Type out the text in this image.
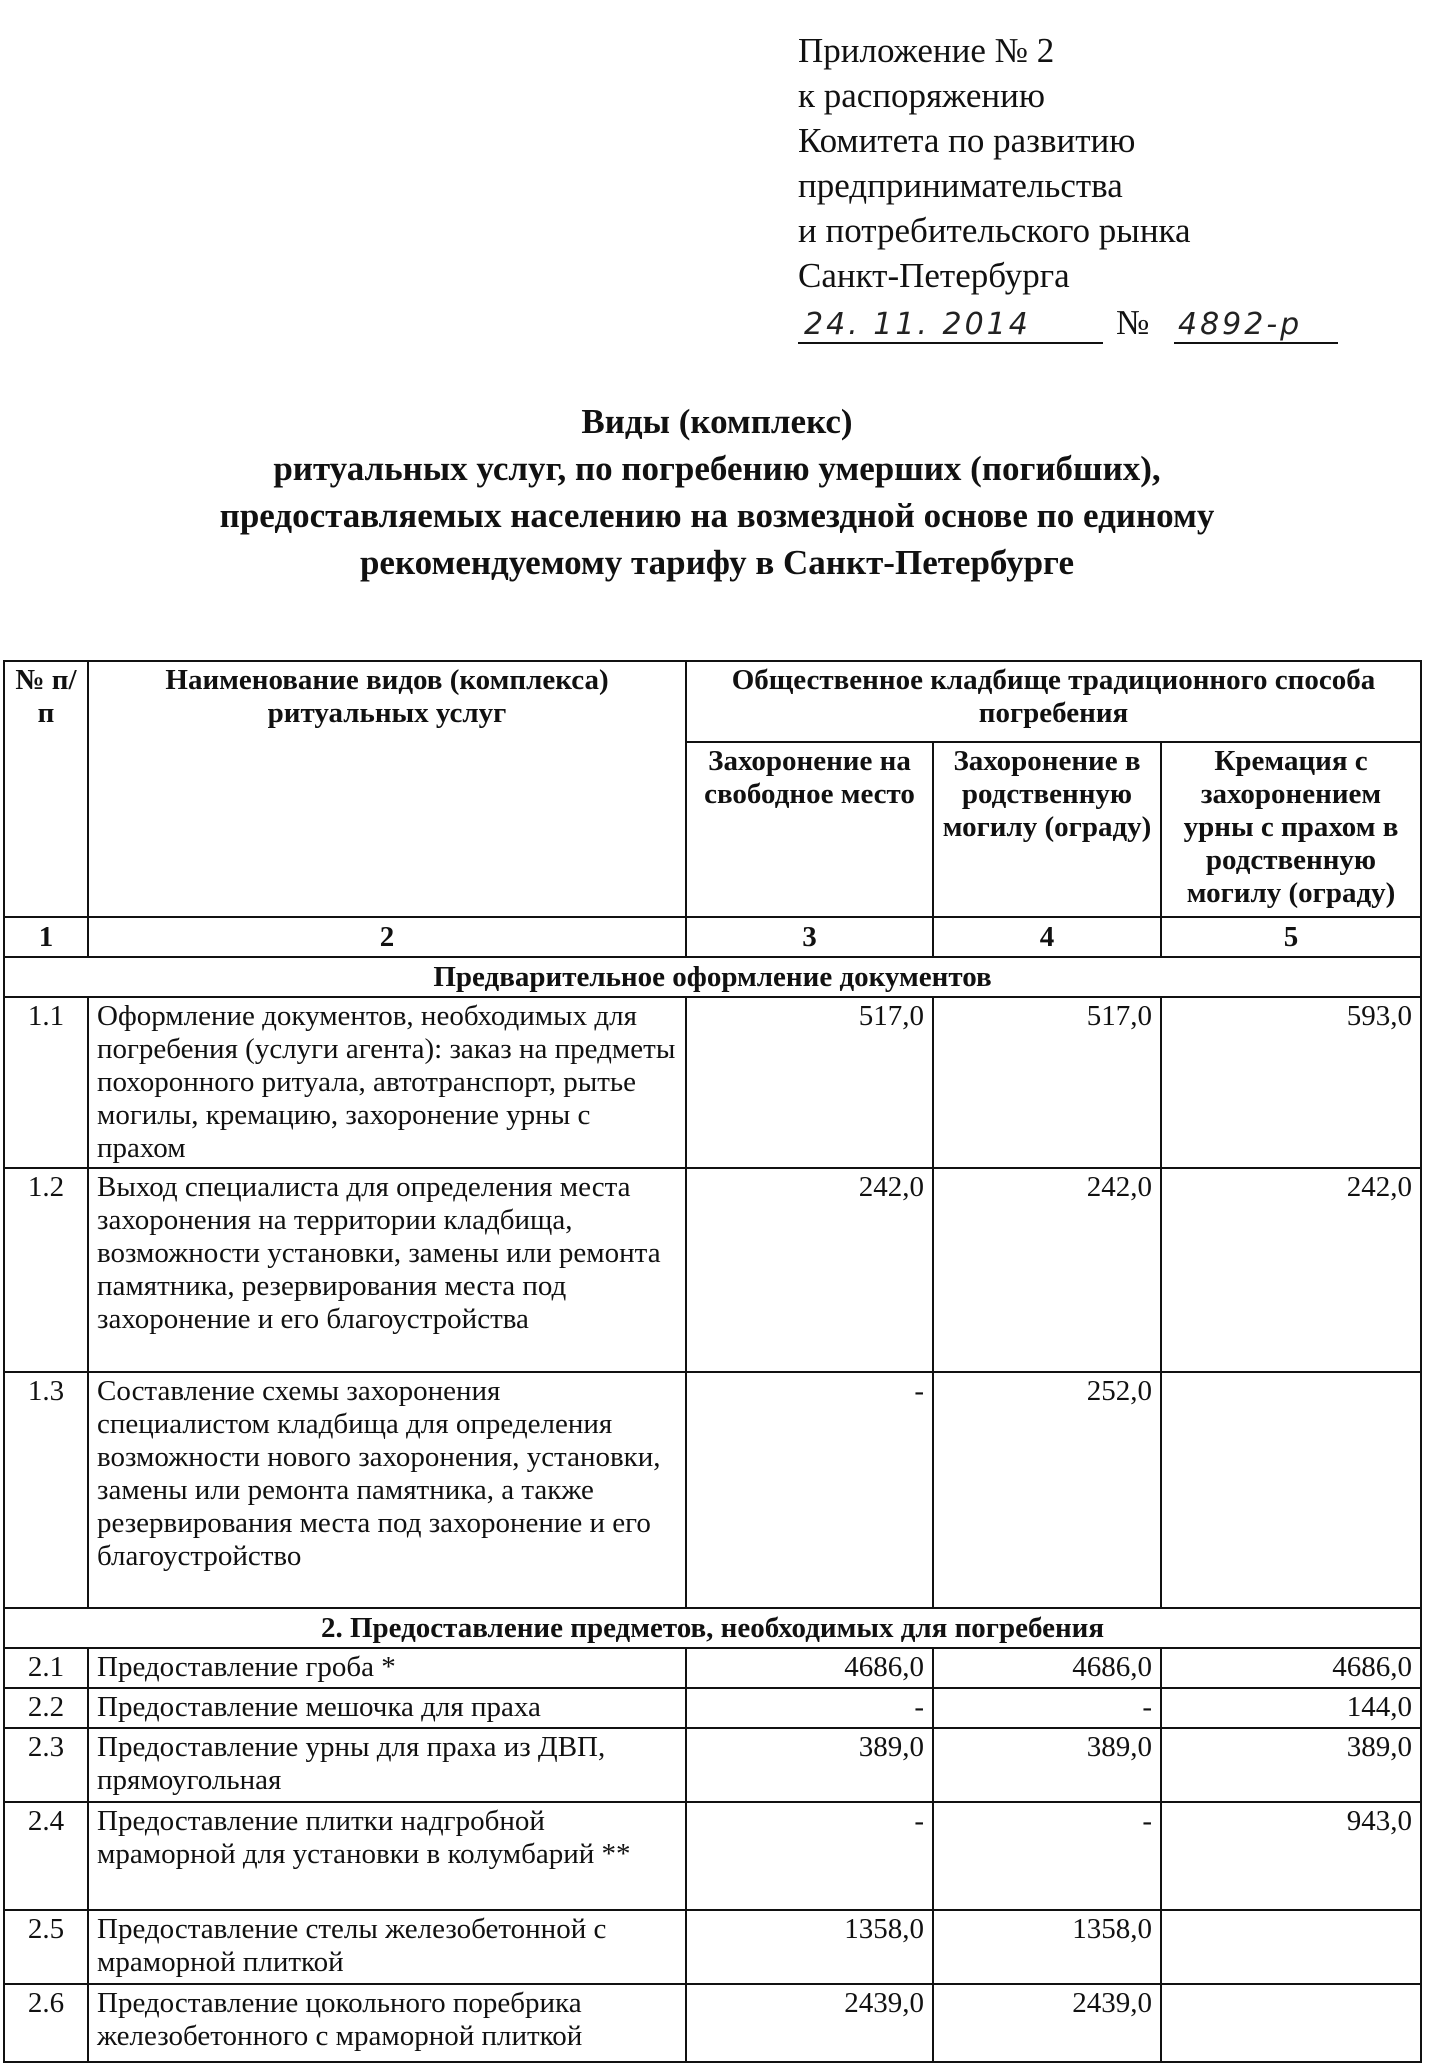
Приложение № 2
к распоряжению
Комитета по развитию
предпринимательства
и потребительского рынка
Санкт-Петербурга
24. 11. 2014 № 4892-р
Виды (комплекс)
ритуальных услуг, по погребению умерших (погибших),
предоставляемых населению на возмездной основе по единому
рекомендуемому тарифу в Санкт-Петербурге
№ п/п	Наименование видов (комплекса) ритуальных услуг	Общественное кладбище традиционного способа погребения		
		Захоронение на свободное место	Захоронение в родственную могилу (ограду)	Кремация с захоронением урны с прахом в родственную могилу (ограду)
1	2	3	4	5
Предварительное оформление документов				
1.1	Оформление документов, необходимых для погребения (услуги агента): заказ на предметы похоронного ритуала, автотранспорт, рытье могилы, кремацию, захоронение урны с прахом	517,0	517,0	593,0
1.2	Выход специалиста для определения места захоронения на территории кладбища, возможности установки, замены или ремонта памятника, резервирования места под захоронение и его благоустройства	242,0	242,0	242,0
1.3	Составление схемы захоронения специалистом кладбища для определения возможности нового захоронения, установки, замены или ремонта памятника, а также резервирования места под захоронение и его благоустройство	-	252,0	
2. Предоставление предметов, необходимых для погребения				
2.1	Предоставление гроба *	4686,0	4686,0	4686,0
2.2	Предоставление мешочка для праха	-	-	144,0
2.3	Предоставление урны для праха из ДВП, прямоугольная	389,0	389,0	389,0
2.4	Предоставление плитки надгробной мраморной для установки в колумбарий **	-	-	943,0
2.5	Предоставление стелы железобетонной с мраморной плиткой	1358,0	1358,0	
2.6	Предоставление цокольного поребрика железобетонного с мраморной плиткой	2439,0	2439,0	
